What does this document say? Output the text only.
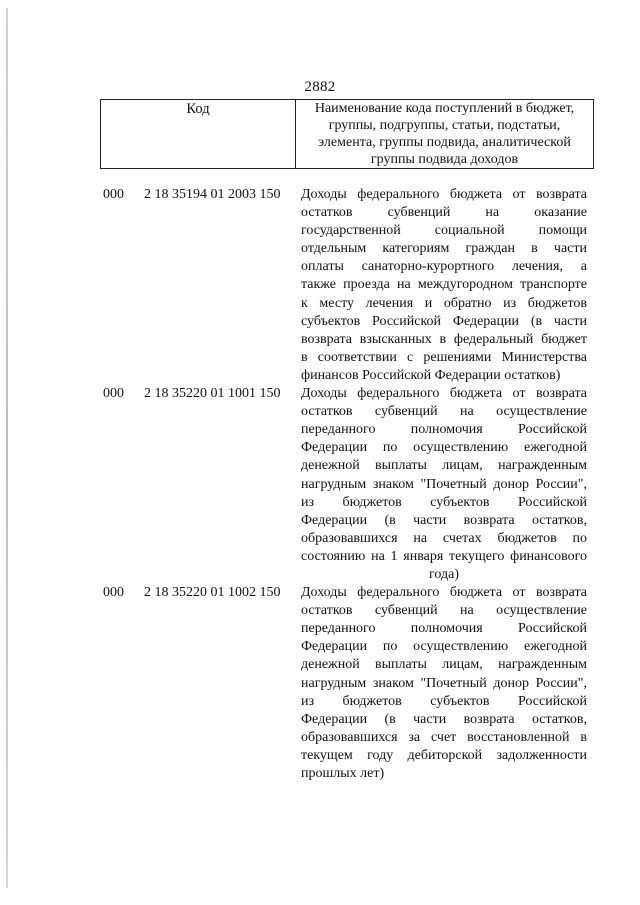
2882
Код	Наименование кода поступлений в бюджет, группы, подгруппы, статьи, подстатьи, элемента, группы подвида, аналитической группы подвида доходов
000 2 18 35194 01 2003 150 Доходы федерального бюджета от возврата
остатков субвенций на оказание
государственной социальной помощи
отдельным категориям граждан в части
оплаты санаторно-курортного лечения, а
также проезда на междугородном транспорте
к месту лечения и обратно из бюджетов
субъектов Российской Федерации (в части
возврата взысканных в федеральный бюджет
в соответствии с решениями Министерства
финансов Российской Федерации остатков)
000 2 18 35220 01 1001 150 Доходы федерального бюджета от возврата
остатков субвенций на осуществление
переданного полномочия Российской
Федерации по осуществлению ежегодной
денежной выплаты лицам, награжденным
нагрудным знаком "Почетный донор России",
из бюджетов субъектов Российской
Федерации (в части возврата остатков,
образовавшихся на счетах бюджетов по
состоянию на 1 января текущего финансового
года)
000 2 18 35220 01 1002 150 Доходы федерального бюджета от возврата
остатков субвенций на осуществление
переданного полномочия Российской
Федерации по осуществлению ежегодной
денежной выплаты лицам, награжденным
нагрудным знаком "Почетный донор России",
из бюджетов субъектов Российской
Федерации (в части возврата остатков,
образовавшихся за счет восстановленной в
текущем году дебиторской задолженности
прошлых лет)
